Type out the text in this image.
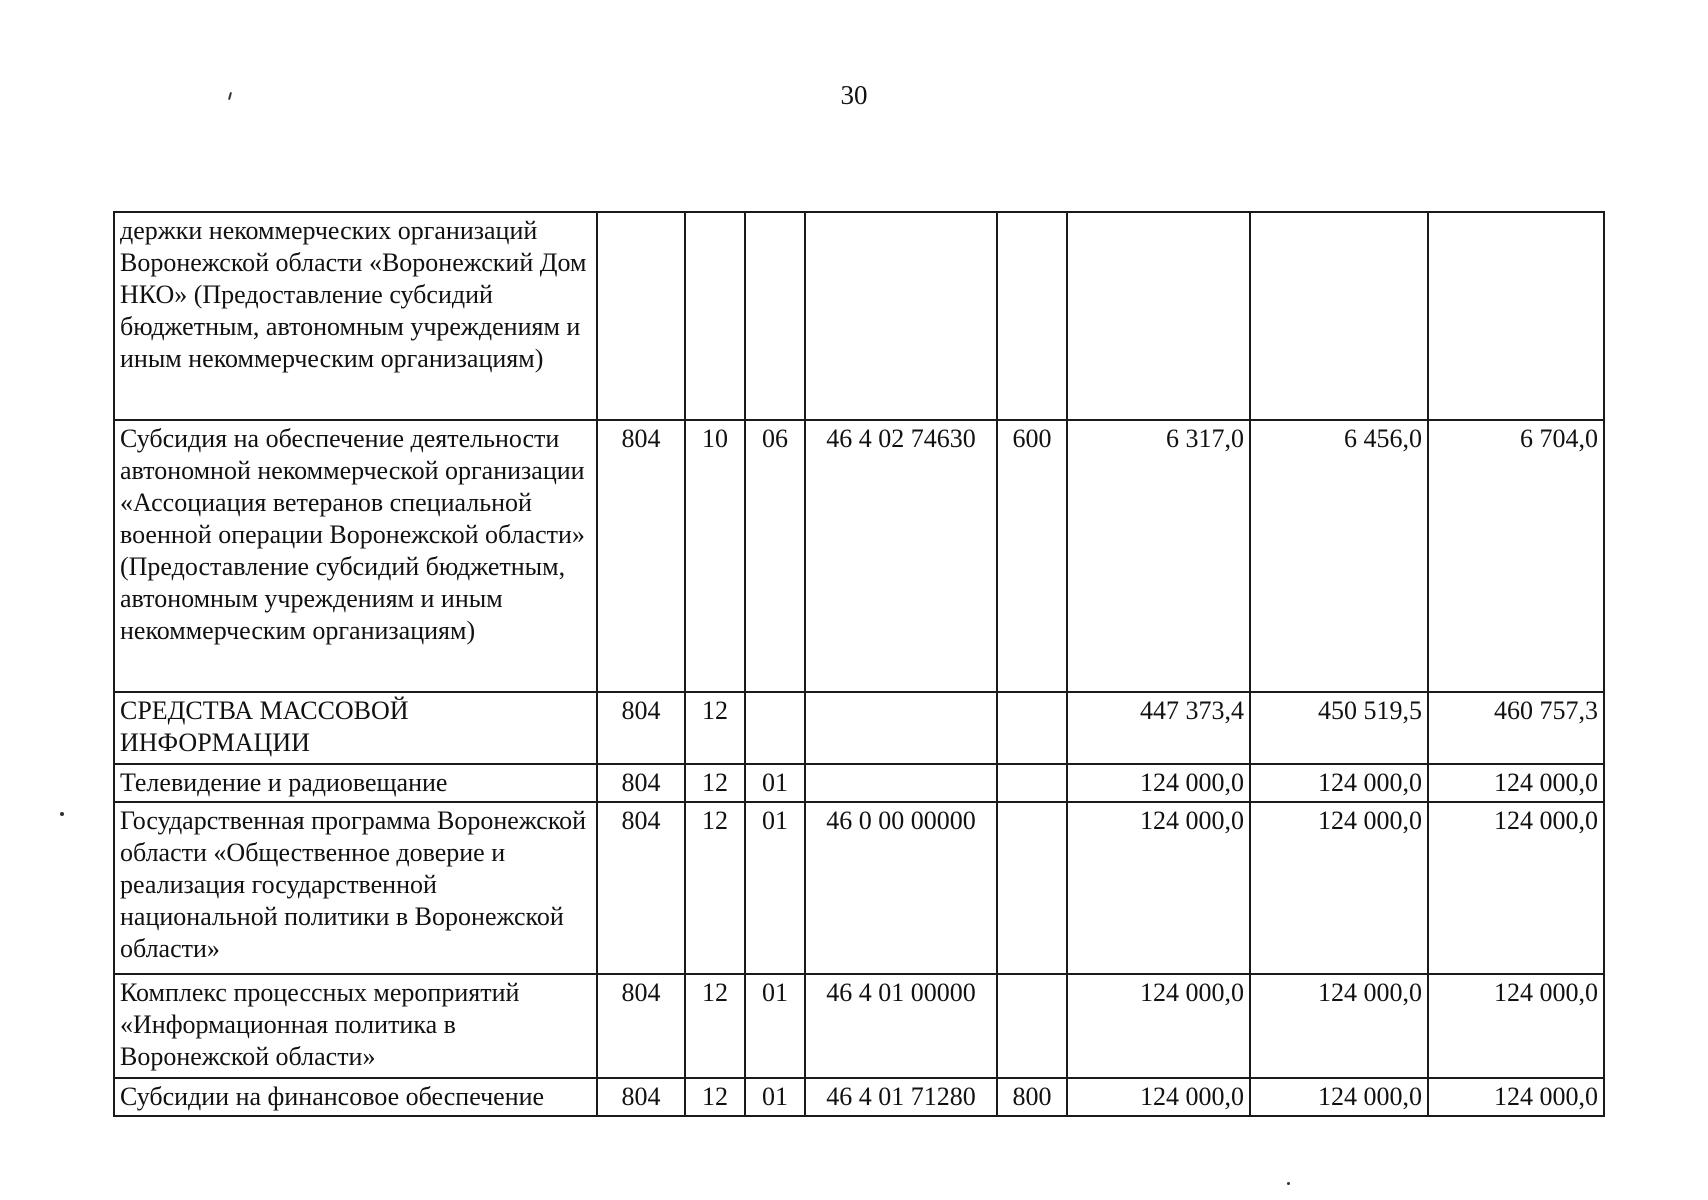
30
держки некоммерческих организаций Воронежской области «Воронежский Дом НКО» (Предоставление субсидий бюджетным, автономным учреждениям и иным некоммерческим организациям)								
Субсидия на обеспечение деятельности автономной некоммерческой организации «Ассоциация ветеранов специальной военной операции Воронежской области» (Предоставление субсидий бюджетным, автономным учреждениям и иным некоммерческим организациям)	804	10	06	46 4 02 74630	600	6 317,0	6 456,0	6 704,0
СРЕДСТВА МАССОВОЙ ИНФОРМАЦИИ	804	12				447 373,4	450 519,5	460 757,3
Телевидение и радиовещание	804	12	01			124 000,0	124 000,0	124 000,0
Государственная программа Воронежской области «Общественное доверие и реализация государственной национальной политики в Воронежской области»	804	12	01	46 0 00 00000		124 000,0	124 000,0	124 000,0
Комплекс процессных мероприятий «Информационная политика в Воронежской области»	804	12	01	46 4 01 00000		124 000,0	124 000,0	124 000,0
Субсидии на финансовое обеспечение	804	12	01	46 4 01 71280	800	124 000,0	124 000,0	124 000,0
